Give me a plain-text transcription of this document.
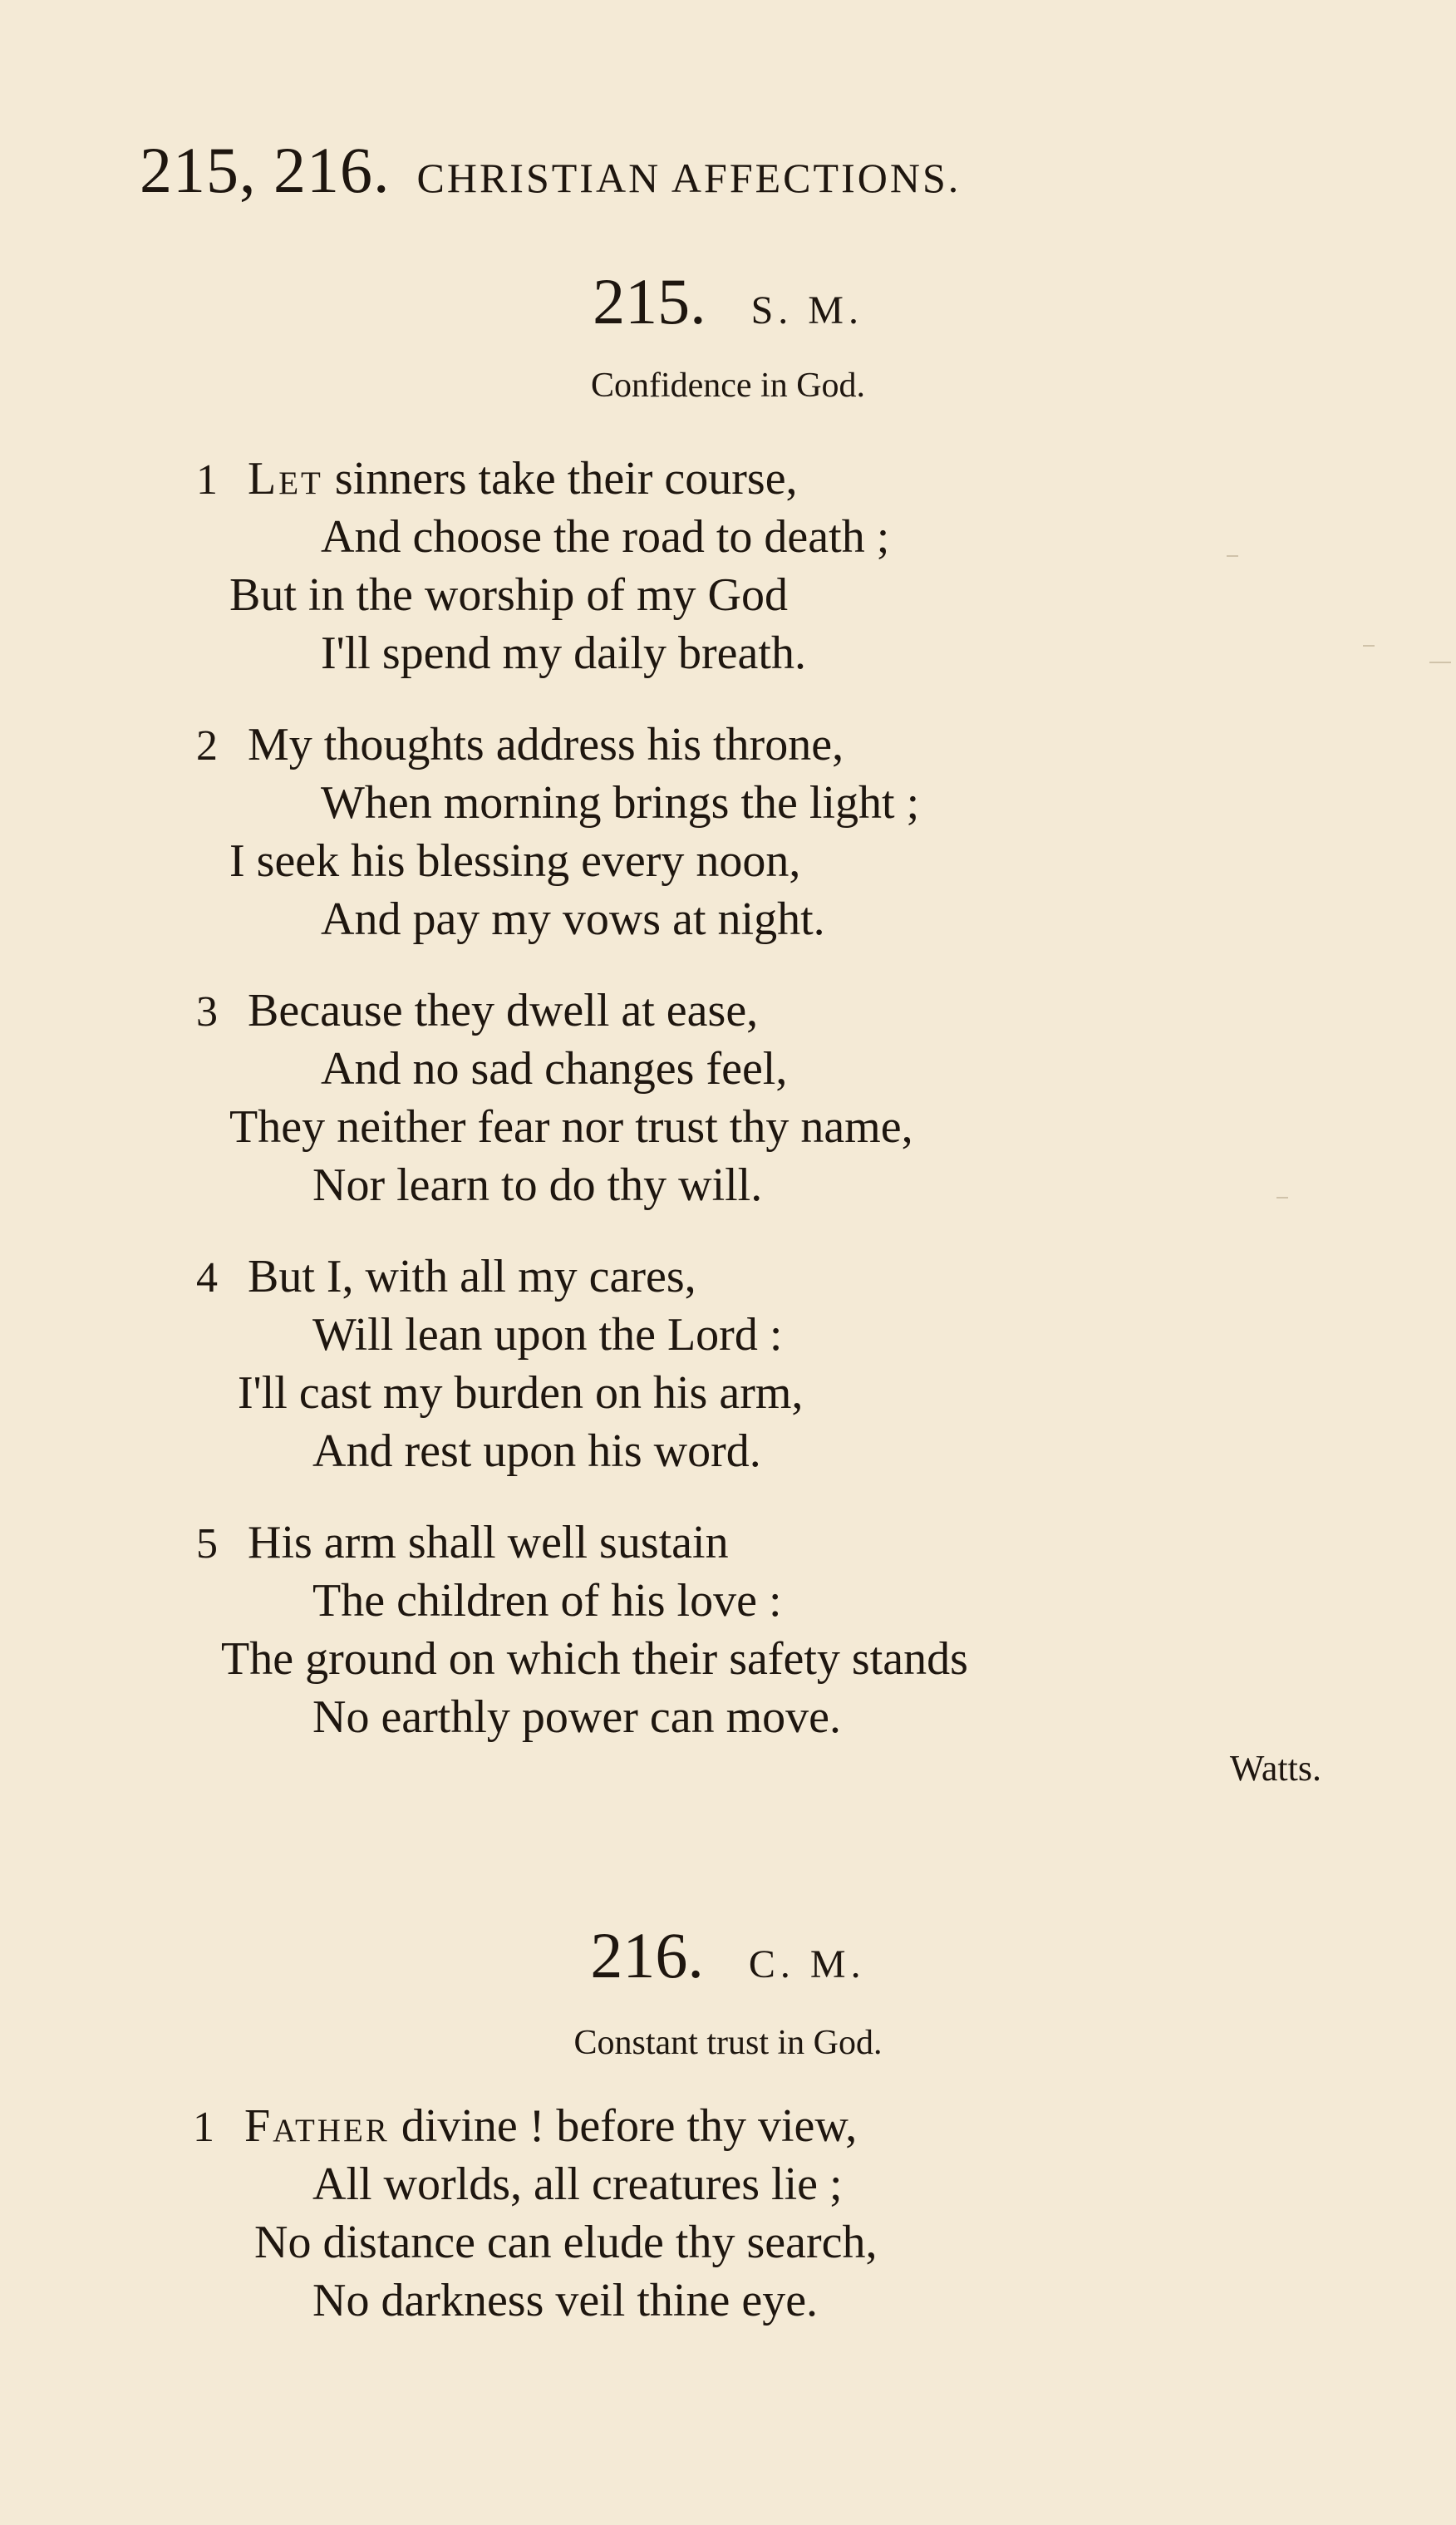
215, 216. CHRISTIAN AFFECTIONS.
215. S. M.
Confidence in God.
1 Let sinners take their course,
And choose the road to death ;
But in the worship of my God
I'll spend my daily breath.
2 My thoughts address his throne,
When morning brings the light ;
I seek his blessing every noon,
And pay my vows at night.
3 Because they dwell at ease,
And no sad changes feel,
They neither fear nor trust thy name,
Nor learn to do thy will.
4 But I, with all my cares,
Will lean upon the Lord :
I'll cast my burden on his arm,
And rest upon his word.
5 His arm shall well sustain
The children of his love :
The ground on which their safety stands
No earthly power can move.
Watts.
216. C. M.
Constant trust in God.
1 Father divine ! before thy view,
All worlds, all creatures lie ;
No distance can elude thy search,
No darkness veil thine eye.
